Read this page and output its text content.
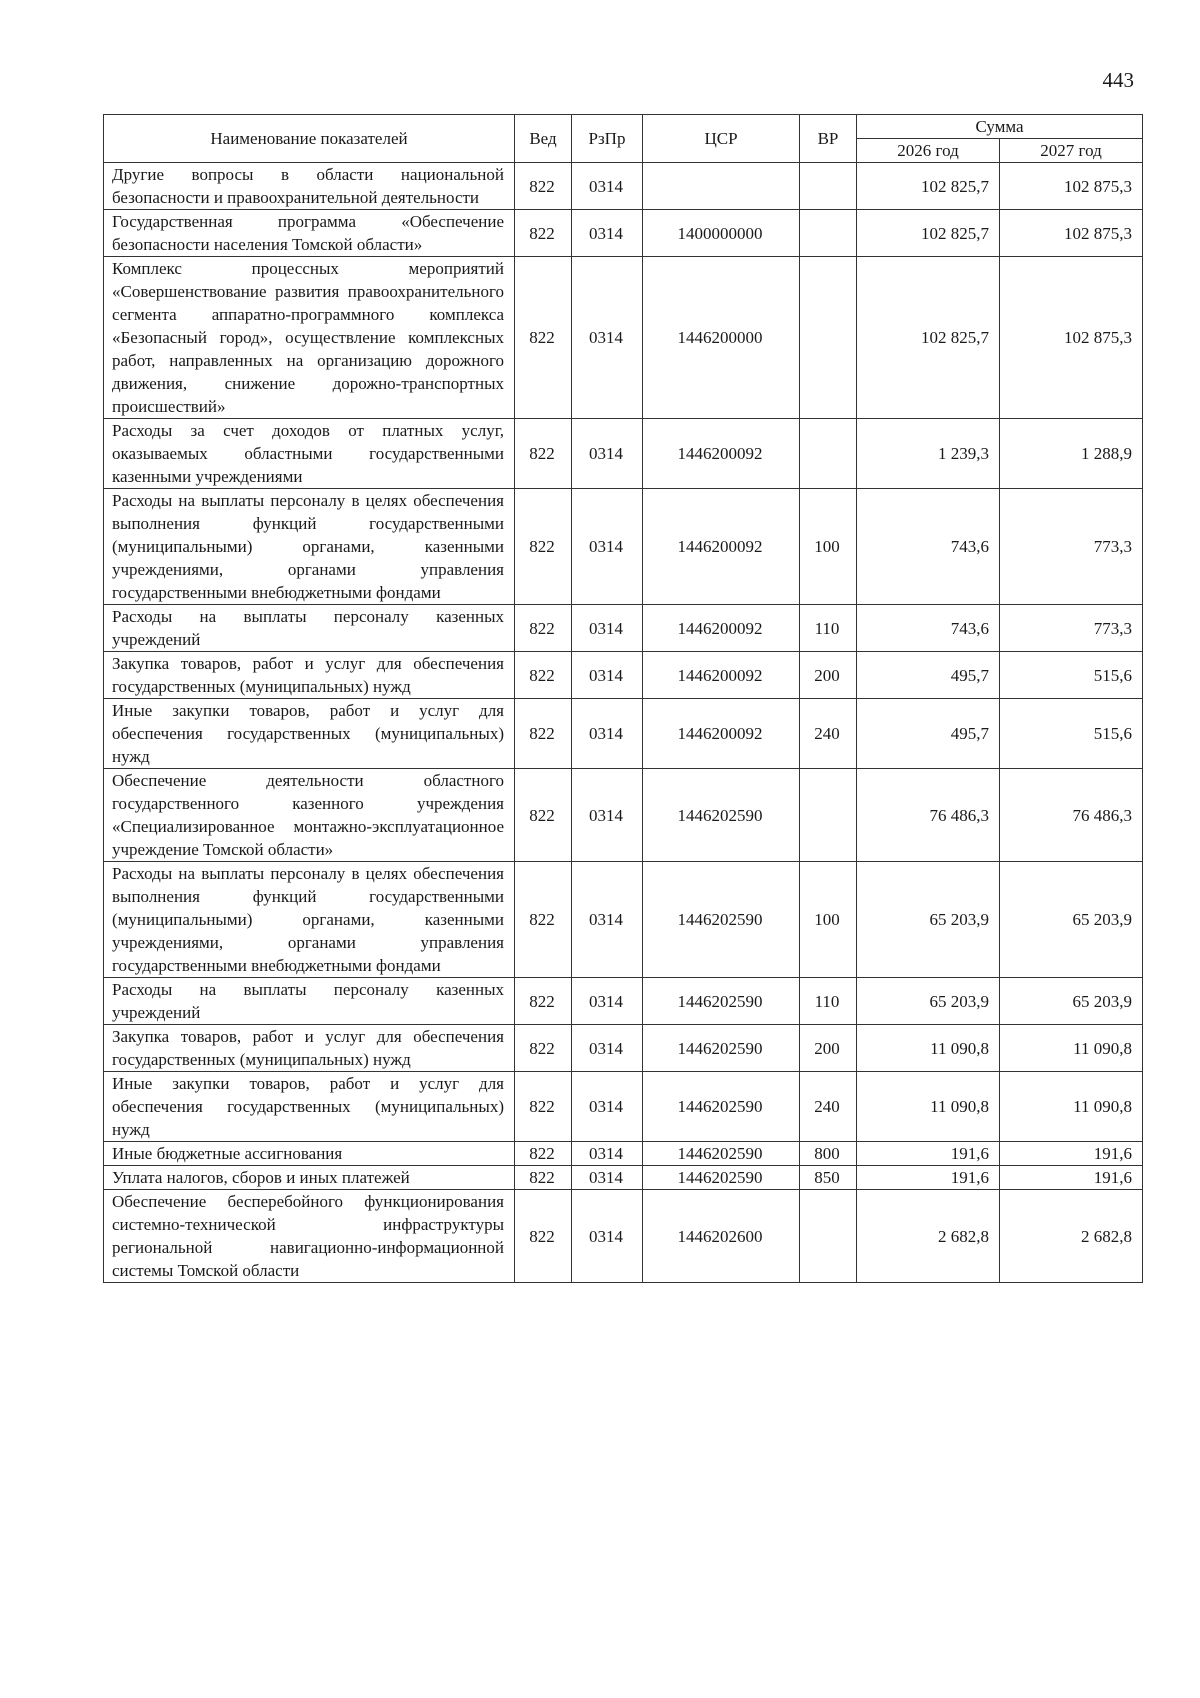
443
Наименование показателей	Вед	РзПр	ЦСР	ВР	Сумма	
					2026 год	2027 год
Другие вопросы в области национальной безопасности и правоохранительной деятельности	822	0314			102 825,7	102 875,3
Государственная программа «Обеспечение безопасности населения Томской области»	822	0314	1400000000		102 825,7	102 875,3
Комплекс процессных мероприятий «Совершенствование развития правоохранительного сегмента аппаратно-программного комплекса «Безопасный город», осуществление комплексных работ, направленных на организацию дорожного движения, снижение дорожно-транспортных происшествий»	822	0314	1446200000		102 825,7	102 875,3
Расходы за счет доходов от платных услуг, оказываемых областными государственными казенными учреждениями	822	0314	1446200092		1 239,3	1 288,9
Расходы на выплаты персоналу в целях обеспечения выполнения функций государственными (муниципальными) органами, казенными учреждениями, органами управления государственными внебюджетными фондами	822	0314	1446200092	100	743,6	773,3
Расходы на выплаты персоналу казенных учреждений	822	0314	1446200092	110	743,6	773,3
Закупка товаров, работ и услуг для обеспечения государственных (муниципальных) нужд	822	0314	1446200092	200	495,7	515,6
Иные закупки товаров, работ и услуг для обеспечения государственных (муниципальных) нужд	822	0314	1446200092	240	495,7	515,6
Обеспечение деятельности областного государственного казенного учреждения «Специализированное монтажно-эксплуатационное учреждение Томской области»	822	0314	1446202590		76 486,3	76 486,3
Расходы на выплаты персоналу в целях обеспечения выполнения функций государственными (муниципальными) органами, казенными учреждениями, органами управления государственными внебюджетными фондами	822	0314	1446202590	100	65 203,9	65 203,9
Расходы на выплаты персоналу казенных учреждений	822	0314	1446202590	110	65 203,9	65 203,9
Закупка товаров, работ и услуг для обеспечения государственных (муниципальных) нужд	822	0314	1446202590	200	11 090,8	11 090,8
Иные закупки товаров, работ и услуг для обеспечения государственных (муниципальных) нужд	822	0314	1446202590	240	11 090,8	11 090,8
Иные бюджетные ассигнования	822	0314	1446202590	800	191,6	191,6
Уплата налогов, сборов и иных платежей	822	0314	1446202590	850	191,6	191,6
Обеспечение бесперебойного функционирования системно-технической инфраструктуры региональной навигационно-информационной системы Томской области	822	0314	1446202600		2 682,8	2 682,8
